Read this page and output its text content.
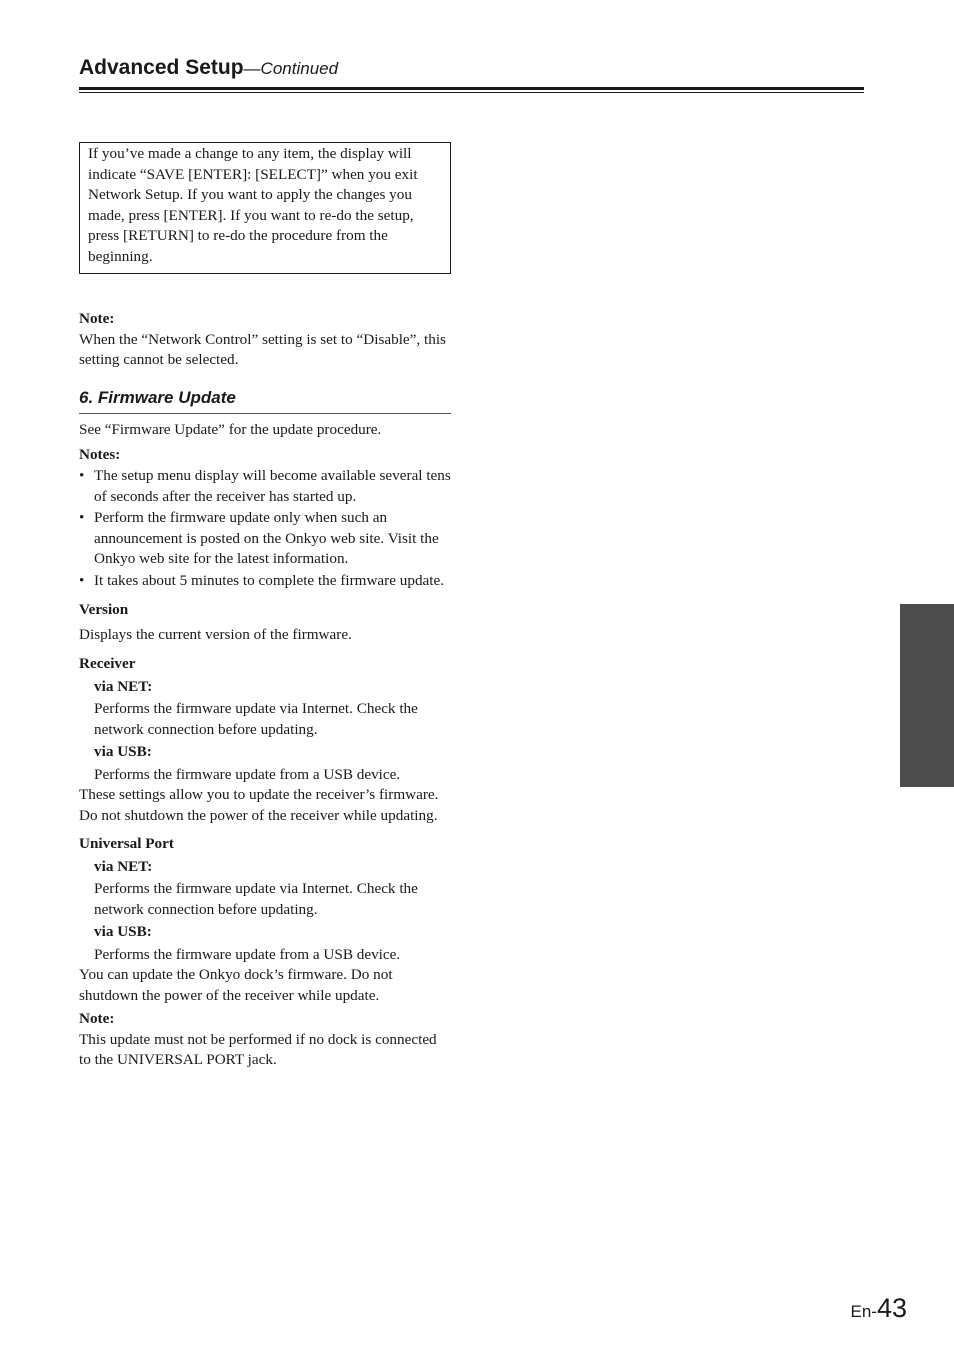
Advanced Setup—Continued

If you’ve made a change to any item, the display will indicate “SAVE [ENTER]: [SELECT]” when you exit Network Setup. If you want to apply the changes you made, press [ENTER]. If you want to re-do the setup, press [RETURN] to re-do the procedure from the beginning.

Note:

When the “Network Control” setting is set to “Disable”, this setting cannot be selected.

6. Firmware Update

See “Firmware Update” for the update procedure.

Notes:
• The setup menu display will become available several tens of seconds after the receiver has started up.
• Perform the firmware update only when such an announcement is posted on the Onkyo web site. Visit the Onkyo web site for the latest information.
• It takes about 5 minutes to complete the firmware update.
Version

Displays the current version of the firmware.

Receiver
via NET:

Performs the firmware update via Internet. Check the network connection before updating.

via USB:

Performs the firmware update from a USB device.

These settings allow you to update the receiver’s firmware. Do not shutdown the power of the receiver while updating.

Universal Port
via NET:

Performs the firmware update via Internet. Check the network connection before updating.

via USB:

Performs the firmware update from a USB device.

You can update the Onkyo dock’s firmware. Do not shutdown the power of the receiver while update.

Note:

This update must not be performed if no dock is connected to the UNIVERSAL PORT jack.

En-43
